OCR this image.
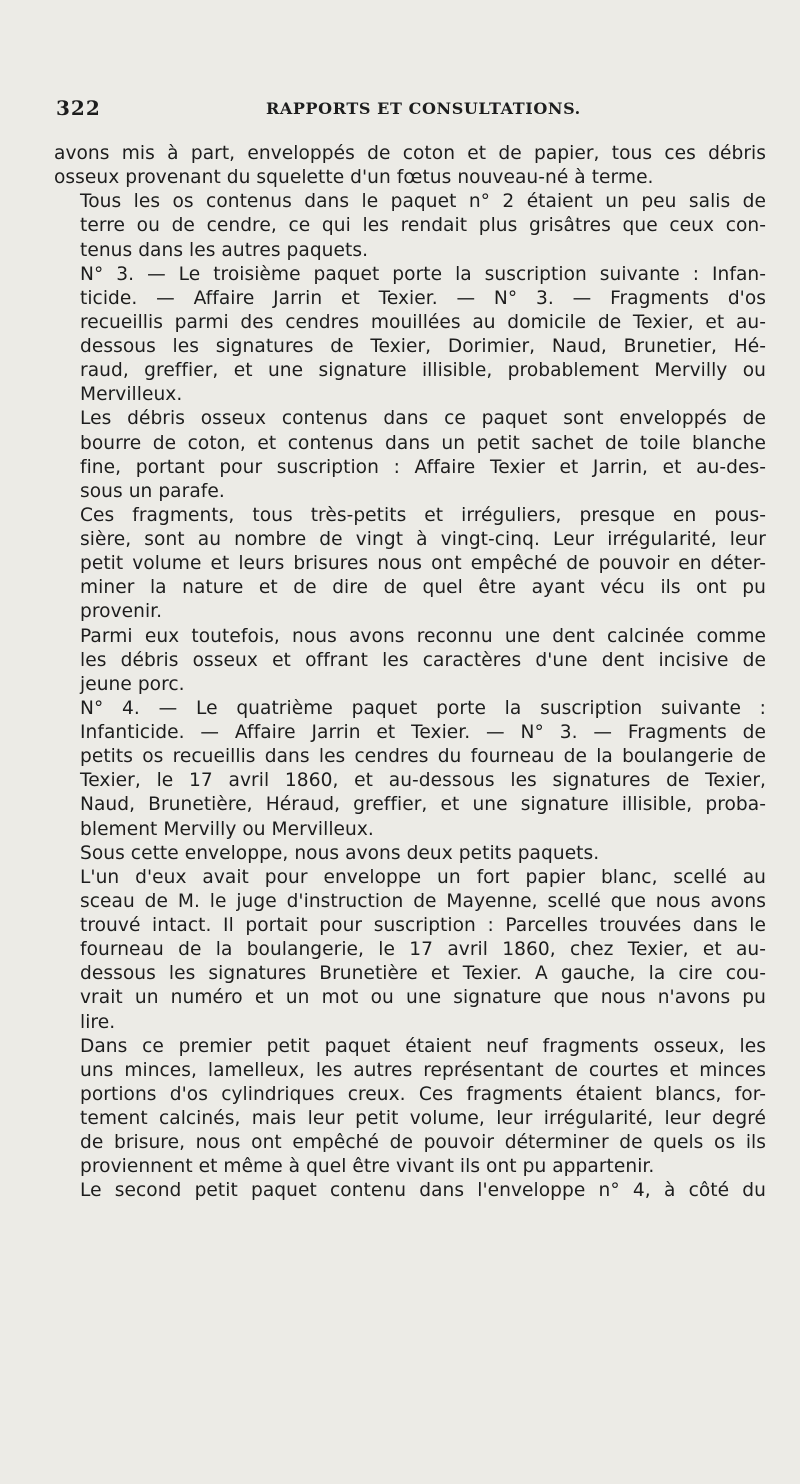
322	RAPPORTS ET CONSULTATIONS.

avons mis à part, enveloppés de coton et de papier, tous ces débris
osseux provenant du squelette d'un fœtus nouveau-né à terme.

Tous les os contenus dans le paquet n° 2 étaient un peu salis de
terre ou de cendre, ce qui les rendait plus grisâtres que ceux con-
tenus dans les autres paquets.

N° 3. — Le troisième paquet porte la suscription suivante : Infan-
ticide. — Affaire Jarrin et Texier. — N° 3. — Fragments d'os
recueillis parmi des cendres mouillées au domicile de Texier, et au-
dessous les signatures de Texier, Dorimier, Naud, Brunetier, Hé-
raud, greffier, et une signature illisible, probablement Mervilly ou
Mervilleux.

Les débris osseux contenus dans ce paquet sont enveloppés de
bourre de coton, et contenus dans un petit sachet de toile blanche
fine, portant pour suscription : Affaire Texier et Jarrin, et au-des-
sous un parafe.

Ces fragments, tous très-petits et irréguliers, presque en pous-
sière, sont au nombre de vingt à vingt-cinq. Leur irrégularité, leur
petit volume et leurs brisures nous ont empêché de pouvoir en déter-
miner la nature et de dire de quel être ayant vécu ils ont pu
provenir.

Parmi eux toutefois, nous avons reconnu une dent calcinée comme
les débris osseux et offrant les caractères d'une dent incisive de
jeune porc.

N° 4. — Le quatrième paquet porte la suscription suivante :
Infanticide. — Affaire Jarrin et Texier. — N° 3. — Fragments de
petits os recueillis dans les cendres du fourneau de la boulangerie de
Texier, le 17 avril 1860, et au-dessous les signatures de Texier,
Naud, Brunetière, Héraud, greffier, et une signature illisible, proba-
blement Mervilly ou Mervilleux.

Sous cette enveloppe, nous avons deux petits paquets.

L'un d'eux avait pour enveloppe un fort papier blanc, scellé au
sceau de M. le juge d'instruction de Mayenne, scellé que nous avons
trouvé intact. Il portait pour suscription : Parcelles trouvées dans le
fourneau de la boulangerie, le 17 avril 1860, chez Texier, et au-
dessous les signatures Brunetière et Texier. A gauche, la cire cou-
vrait un numéro et un mot ou une signature que nous n'avons pu
lire.

Dans ce premier petit paquet étaient neuf fragments osseux, les
uns minces, lamelleux, les autres représentant de courtes et minces
portions d'os cylindriques creux. Ces fragments étaient blancs, for-
tement calcinés, mais leur petit volume, leur irrégularité, leur degré
de brisure, nous ont empêché de pouvoir déterminer de quels os ils
proviennent et même à quel être vivant ils ont pu appartenir.

Le second petit paquet contenu dans l'enveloppe n° 4, à côté du
